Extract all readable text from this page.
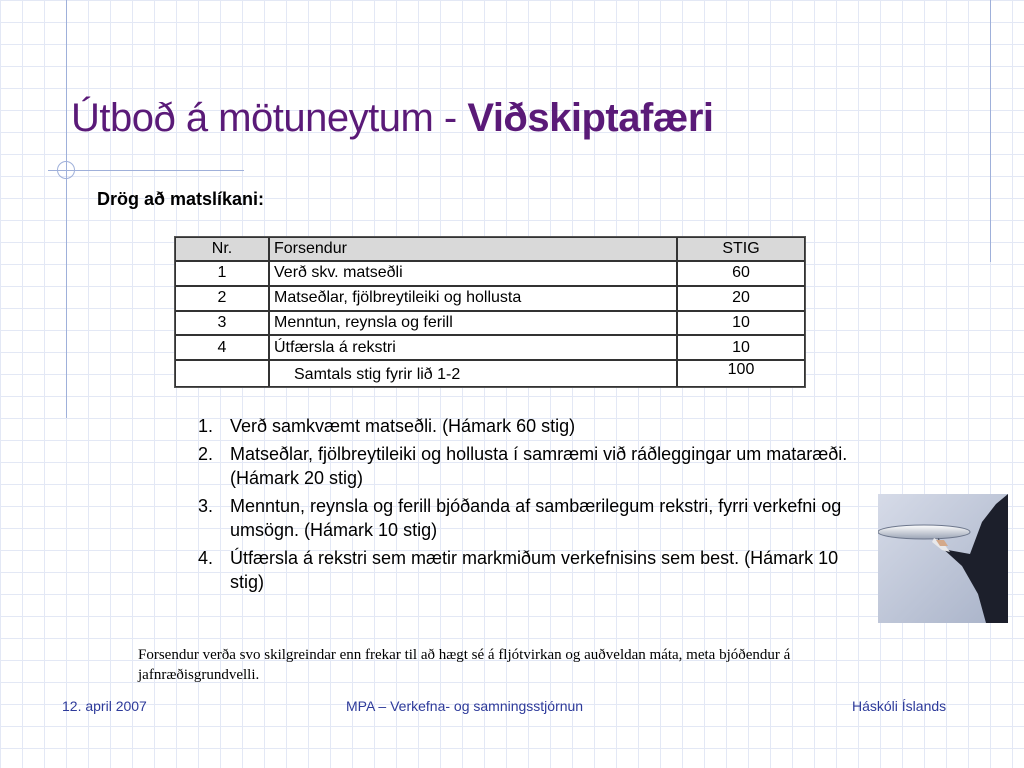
Útboð á mötuneytum - Viðskiptafæri

Drög að matslíkani:

Nr.	Forsendur	STIG
1	Verð skv. matseðli	60
2	Matseðlar, fjölbreytileiki og hollusta	20
3	Menntun, reynsla og ferill	10
4	Útfærsla á rekstri	10
	Samtals stig fyrir lið 1-2	100
1. Verð samkvæmt matseðli. (Hámark 60 stig)
2. Matseðlar, fjölbreytileiki og hollusta í samræmi við ráðleggingar um mataræði. (Hámark 20 stig)
3. Menntun, reynsla og ferill bjóðanda af sambærilegum rekstri, fyrri verkefni og umsögn. (Hámark 10 stig)
4. Útfærsla á rekstri sem mætir markmiðum verkefnisins sem best. (Hámark 10 stig)

Forsendur verða svo skilgreindar enn frekar til að hægt sé á fljótvirkan og auðveldan máta, meta bjóðendur á jafnræðisgrundvelli.

12. april 2007	MPA – Verkefna- og samningsstjórnun	Háskóli Íslands
